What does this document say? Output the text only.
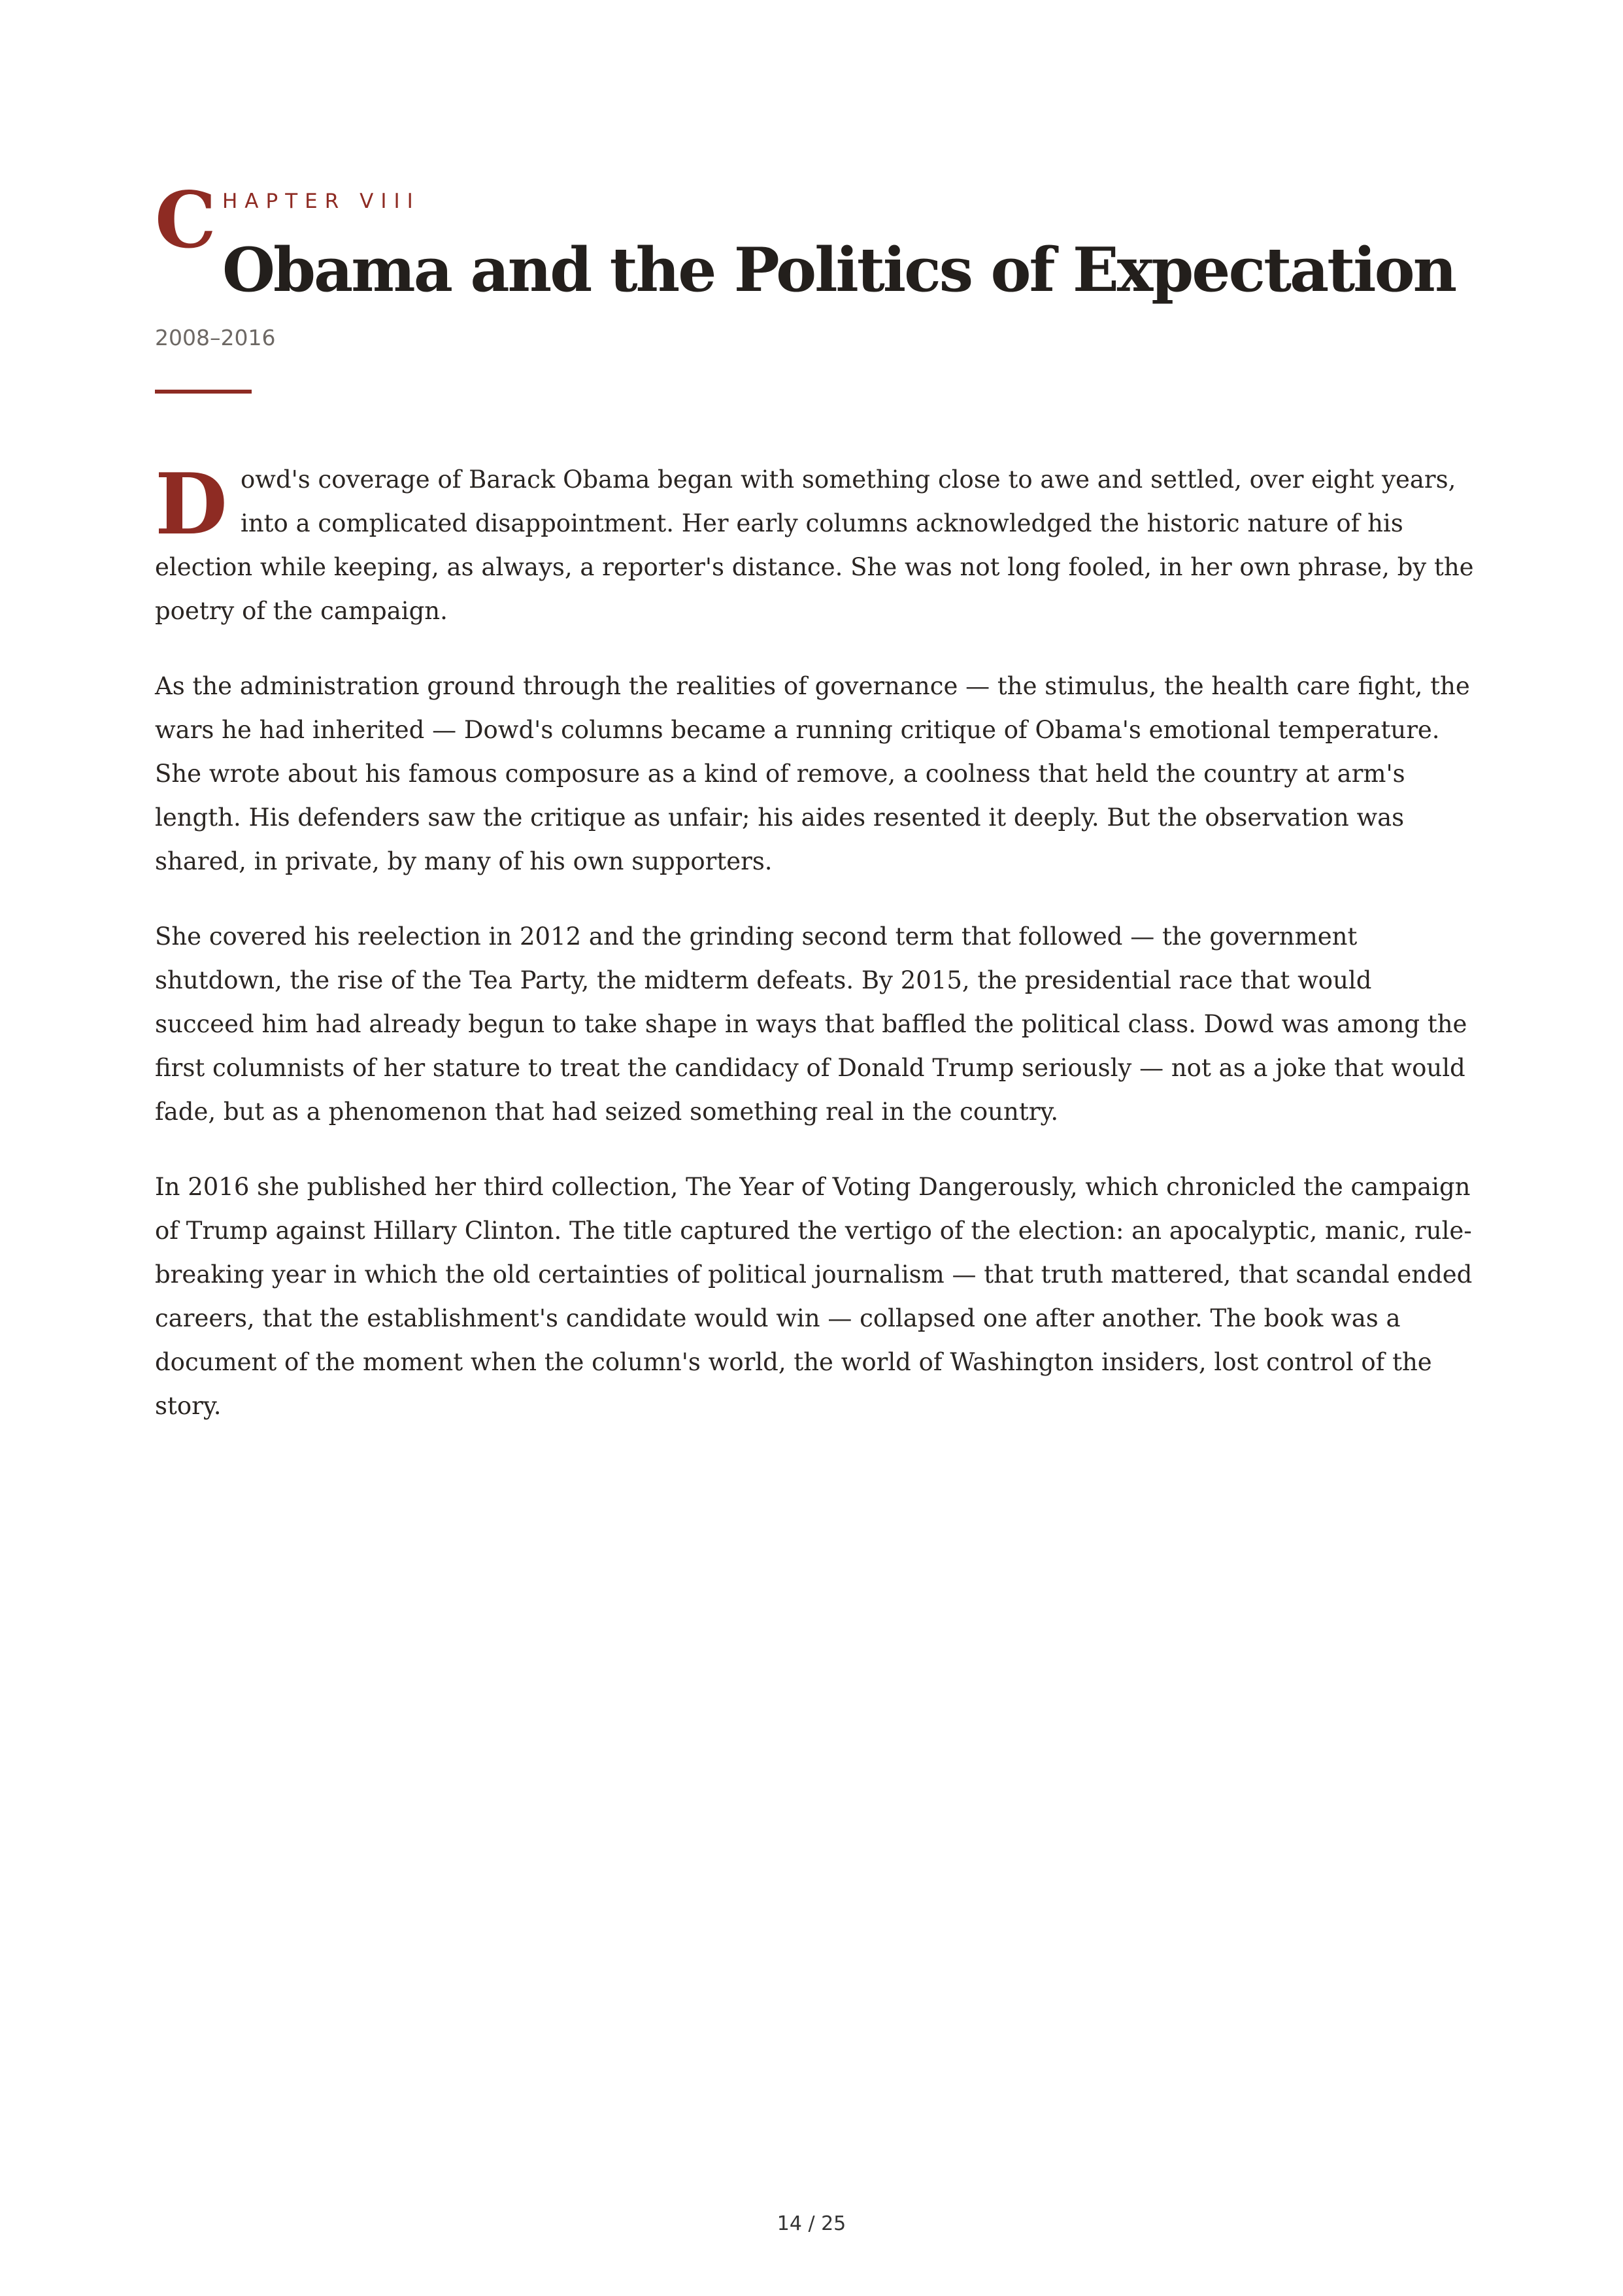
C HAPTER VIII
Obama and the Politics of Expectation
2008–2016

Dowd's coverage of Barack Obama began with something close to awe and settled, over eight years, into a complicated disappointment. Her early columns acknowledged the historic nature of his election while keeping, as always, a reporter's distance. She was not long fooled, in her own phrase, by the poetry of the campaign.

As the administration ground through the realities of governance — the stimulus, the health care fight, the wars he had inherited — Dowd's columns became a running critique of Obama's emotional temperature. She wrote about his famous composure as a kind of remove, a coolness that held the country at arm's length. His defenders saw the critique as unfair; his aides resented it deeply. But the observation was shared, in private, by many of his own supporters.

She covered his reelection in 2012 and the grinding second term that followed — the government shutdown, the rise of the Tea Party, the midterm defeats. By 2015, the presidential race that would succeed him had already begun to take shape in ways that baffled the political class. Dowd was among the first columnists of her stature to treat the candidacy of Donald Trump seriously — not as a joke that would fade, but as a phenomenon that had seized something real in the country.

In 2016 she published her third collection, The Year of Voting Dangerously, which chronicled the campaign of Trump against Hillary Clinton. The title captured the vertigo of the election: an apocalyptic, manic, rule-breaking year in which the old certainties of political journalism — that truth mattered, that scandal ended careers, that the establishment's candidate would win — collapsed one after another. The book was a document of the moment when the column's world, the world of Washington insiders, lost control of the story.

14 / 25
